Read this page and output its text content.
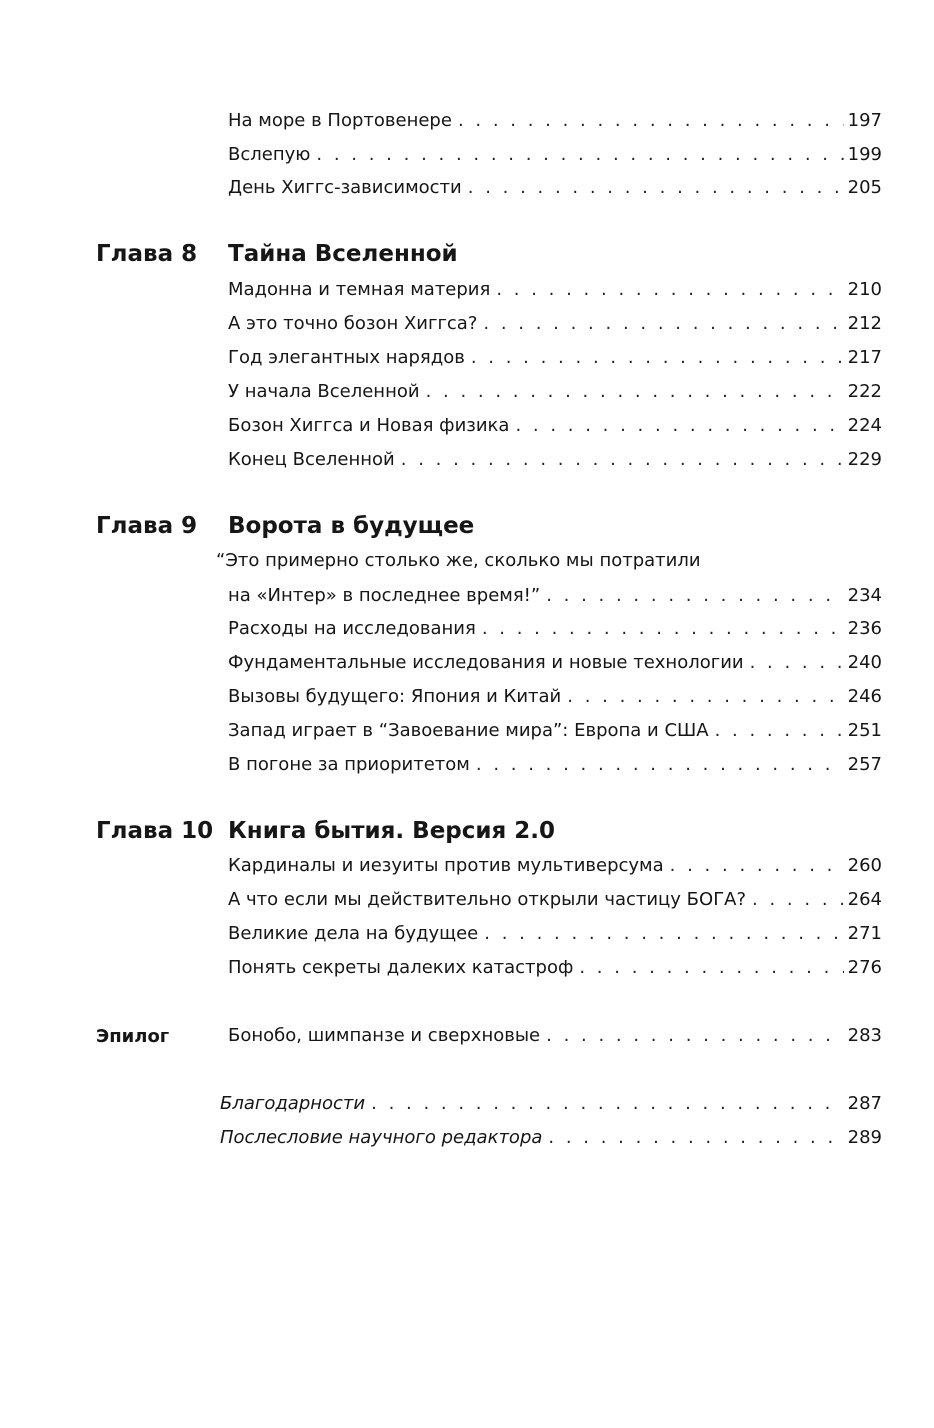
На море в Портовенере . . .	197
Вслепую . . .	199
День Хиггс-зависимости . . .	205
Глава 8 Тайна Вселенной
Мадонна и темная материя . . .	210
А это точно бозон Хиггса? . . .	212
Год элегантных нарядов . . .	217
У начала Вселенной . . .	222
Бозон Хиггса и Новая физика . . .	224
Конец Вселенной . . .	229
Глава 9 Ворота в будущее
“Это примерно столько же, сколько мы потратили
на «Интер» в последнее время!” . . .	234
Расходы на исследования . . .	236
Фундаментальные исследования и новые технологии . . .	240
Вызовы будущего: Япония и Китай . . .	246
Запад играет в “Завоевание мира”: Европа и США . . .	251
В погоне за приоритетом . . .	257
Глава 10 Книга бытия. Версия 2.0
Кардиналы и иезуиты против мультиверсума . . .	260
А что если мы действительно открыли частицу БОГА? . . .	264
Великие дела на будущее . . .	271
Понять секреты далеких катастроф . . .	276
Эпилог	Бонобо, шимпанзе и сверхновые . . .	283
Благодарности . . .	287
Послесловие научного редактора . . .	289
